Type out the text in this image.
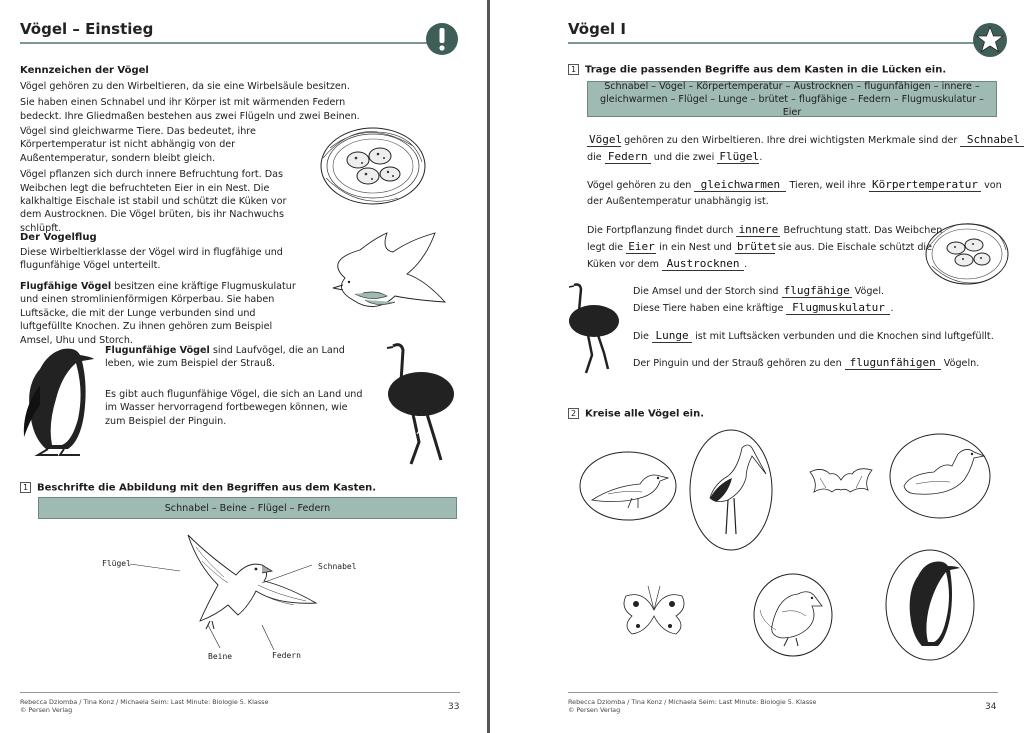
Vögel – Einstieg
Kennzeichen der Vögel

Vögel gehören zu den Wirbeltieren, da sie eine Wirbelsäule besitzen.

Sie haben einen Schnabel und ihr Körper ist mit wärmenden Federn bedeckt. Ihre Gliedmaßen bestehen aus zwei Flügeln und zwei Beinen.

Vögel sind gleichwarme Tiere. Das bedeutet, ihre Körpertemperatur ist nicht abhängig von der Außentemperatur, sondern bleibt gleich.

Vögel pflanzen sich durch innere Befruchtung fort. Das Weibchen legt die befruchteten Eier in ein Nest. Die kalkhaltige Eischale ist stabil und schützt die Küken vor dem Austrocknen. Die Vögel brüten, bis ihr Nachwuchs schlüpft.

Der Vogelflug
Diese Wirbeltierklasse der Vögel wird in flugfähige und flugunfähige Vögel unterteilt.
Flugfähige Vögel besitzen eine kräftige Flugmuskulatur und einen stromlinienförmigen Körperbau. Sie haben Luftsäcke, die mit der Lunge verbunden sind und luftgefüllte Knochen. Zu ihnen gehören zum Beispiel Amsel, Uhu und Storch.
Flugunfähige Vögel sind Laufvögel, die an Land leben, wie zum Beispiel der Strauß.
Es gibt auch flugunfähige Vögel, die sich an Land und im Wasser hervorragend fortbewegen können, wie zum Beispiel der Pinguin.
1 Beschrifte die Abbildung mit den Begriffen aus dem Kasten.
Schnabel – Beine – Flügel – Federn
Flügel	Schnabel
Beine	Federn
Rebecca Dziomba / Tina Konz / Michaela Seim: Last Minute: Biologie 5. Klasse
© Persen Verlag	33
Vögel I
1 Trage die passenden Begriffe aus dem Kasten in die Lücken ein.
Schnabel – Vögel – Körpertemperatur – Austrocknen – flugunfähigen – innere – gleichwarmen – Flügel – Lunge – brütet – flugfähige – Federn – Flugmuskulatur – Eier
Vögel gehören zu den Wirbeltieren. Ihre drei wichtigsten Merkmale sind der Schnabel
die Federn und die zwei Flügel.
Vögel gehören zu den gleichwarmen Tieren, weil ihre Körpertemperatur von
der Außentemperatur unabhängig ist.
Die Fortpflanzung findet durch innere Befruchtung statt. Das Weibchen
legt die Eier in ein Nest und brütet sie aus. Die Eischale schützt die
Küken vor dem Austrocknen .
Die Amsel und der Storch sind flugfähige Vögel.
Diese Tiere haben eine kräftige Flugmuskulatur .
Die Lunge ist mit Luftsäcken verbunden und die Knochen sind luftgefüllt.
Der Pinguin und der Strauß gehören zu den flugunfähigen Vögeln.
2 Kreise alle Vögel ein.
Rebecca Dziomba / Tina Konz / Michaela Seim: Last Minute: Biologie 5. Klasse
© Persen Verlag	34
